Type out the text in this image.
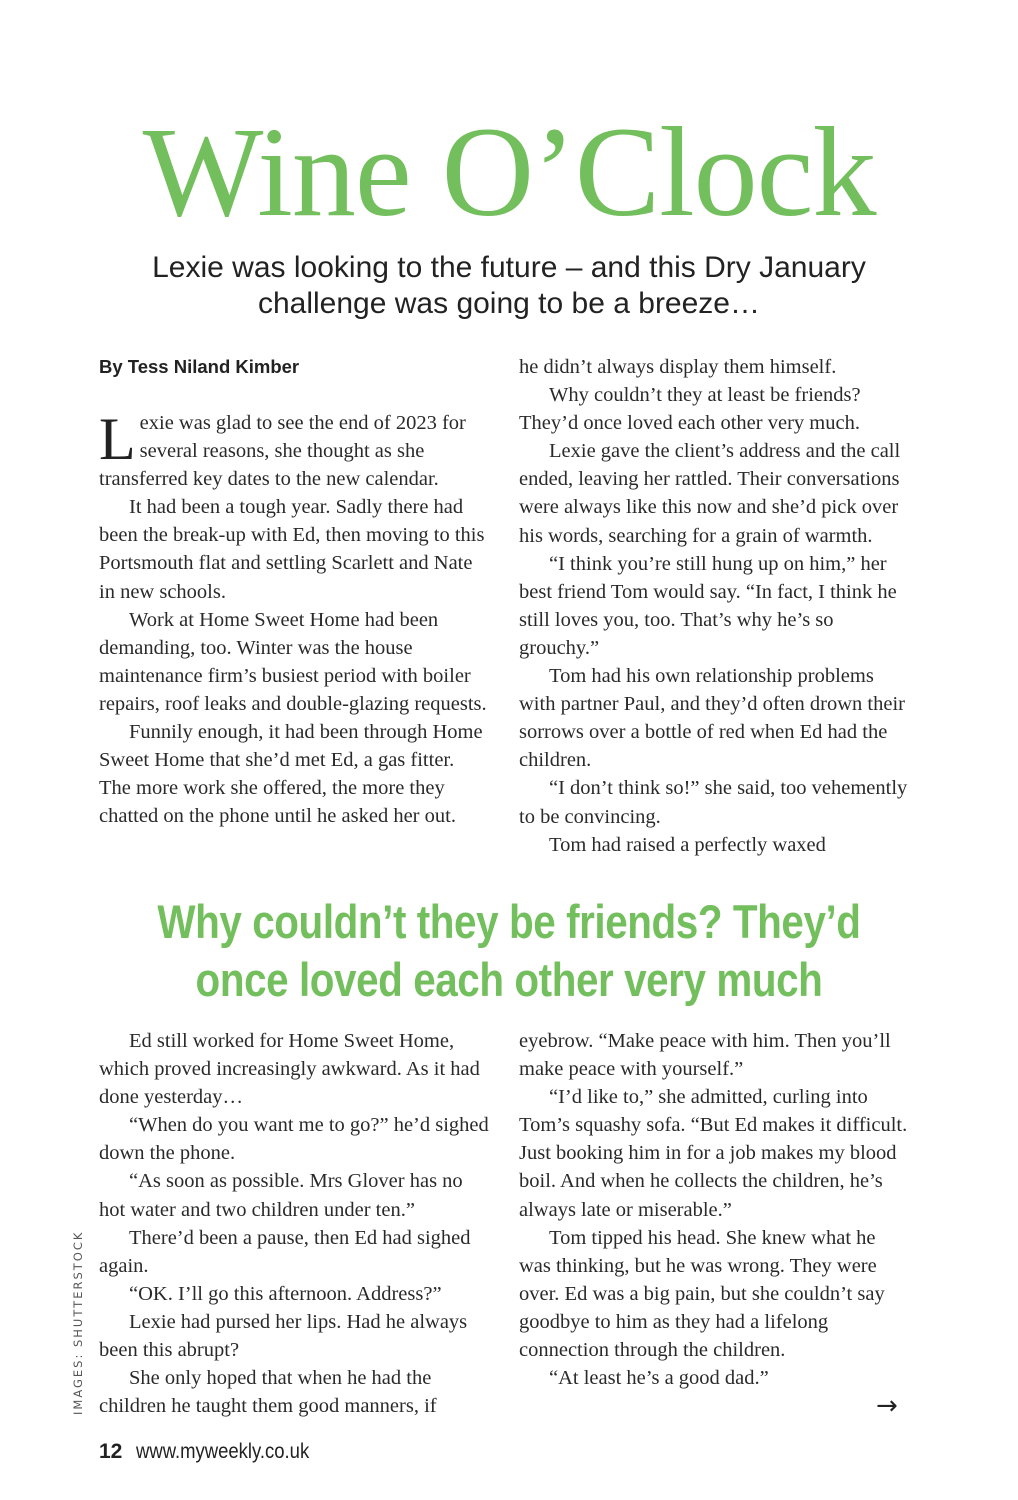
Wine O’Clock
Lexie was looking to the future – and this Dry January challenge was going to be a breeze…
By Tess Niland Kimber

Lexie was glad to see the end of 2023 for several reasons, she thought as she transferred key dates to the new calendar.

It had been a tough year. Sadly there had been the break-up with Ed, then moving to this Portsmouth flat and settling Scarlett and Nate in new schools.

Work at Home Sweet Home had been demanding, too. Winter was the house maintenance firm’s busiest period with boiler repairs, roof leaks and double-glazing requests.

Funnily enough, it had been through Home Sweet Home that she’d met Ed, a gas fitter. The more work she offered, the more they chatted on the phone until he asked her out.

he didn’t always display them himself.

Why couldn’t they at least be friends? They’d once loved each other very much.

Lexie gave the client’s address and the call ended, leaving her rattled. Their conversations were always like this now and she’d pick over his words, searching for a grain of warmth.

“I think you’re still hung up on him,” her best friend Tom would say. “In fact, I think he still loves you, too. That’s why he’s so grouchy.”

Tom had his own relationship problems with partner Paul, and they’d often drown their sorrows over a bottle of red when Ed had the children.

“I don’t think so!” she said, too vehemently to be convincing.

Tom had raised a perfectly waxed

Why couldn’t they be friends? They’d once loved each other very much

Ed still worked for Home Sweet Home, which proved increasingly awkward. As it had done yesterday…

“When do you want me to go?” he’d sighed down the phone.

“As soon as possible. Mrs Glover has no hot water and two children under ten.”

There’d been a pause, then Ed had sighed again.

“OK. I’ll go this afternoon. Address?”

Lexie had pursed her lips. Had he always been this abrupt?

She only hoped that when he had the children he taught them good manners, if

eyebrow. “Make peace with him. Then you’ll make peace with yourself.”

“I’d like to,” she admitted, curling into Tom’s squashy sofa. “But Ed makes it difficult. Just booking him in for a job makes my blood boil. And when he collects the children, he’s always late or miserable.”

Tom tipped his head. She knew what he was thinking, but he was wrong. They were over. Ed was a big pain, but she couldn’t say goodbye to him as they had a lifelong connection through the children.

“At least he’s a good dad.”

IMAGES: SHUTTERSTOCK	→
12 www.myweekly.co.uk
